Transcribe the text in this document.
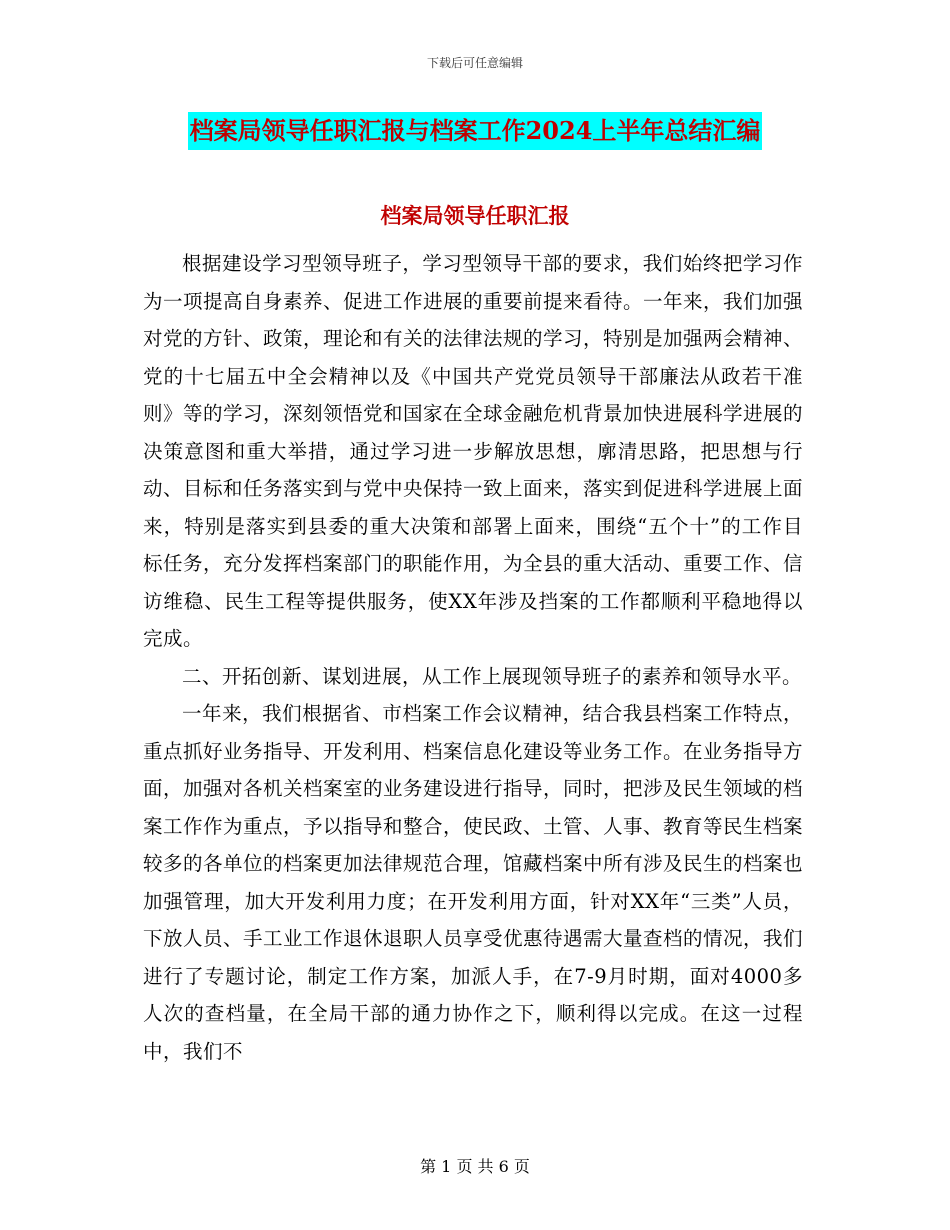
下载后可任意编辑
档案局领导任职汇报与档案工作2024上半年总结汇编
档案局领导任职汇报

根据建设学习型领导班子，学习型领导干部的要求，我们始终把学习作为一项提高自身素养、促进工作进展的重要前提来看待。一年来，我们加强对党的方针、政策，理论和有关的法律法规的学习，特别是加强两会精神、党的十七届五中全会精神以及《中国共产党党员领导干部廉法从政若干准则》等的学习，深刻领悟党和国家在全球金融危机背景加快进展科学进展的决策意图和重大举措，通过学习进一步解放思想，廓清思路，把思想与行动、目标和任务落实到与党中央保持一致上面来，落实到促进科学进展上面来，特别是落实到县委的重大决策和部署上面来，围绕“五个十”的工作目标任务，充分发挥档案部门的职能作用，为全县的重大活动、重要工作、信访维稳、民生工程等提供服务，使XX年涉及挡案的工作都顺利平稳地得以完成。

二、开拓创新、谋划进展，从工作上展现领导班子的素养和领导水平。

一年来，我们根据省、市档案工作会议精神，结合我县档案工作特点，重点抓好业务指导、开发利用、档案信息化建设等业务工作。在业务指导方面，加强对各机关档案室的业务建设进行指导，同时，把涉及民生领域的档案工作作为重点，予以指导和整合，使民政、土管、人事、教育等民生档案较多的各单位的档案更加法律规范合理，馆藏档案中所有涉及民生的档案也加强管理，加大开发利用力度；在开发利用方面，针对XX年“三类”人员，下放人员、手工业工作退休退职人员享受优惠待遇需大量查档的情况，我们进行了专题讨论，制定工作方案，加派人手，在7-9月时期，面对4000多人次的查档量，在全局干部的通力协作之下，顺利得以完成。在这一过程中，我们不

第 1 页 共 6 页
